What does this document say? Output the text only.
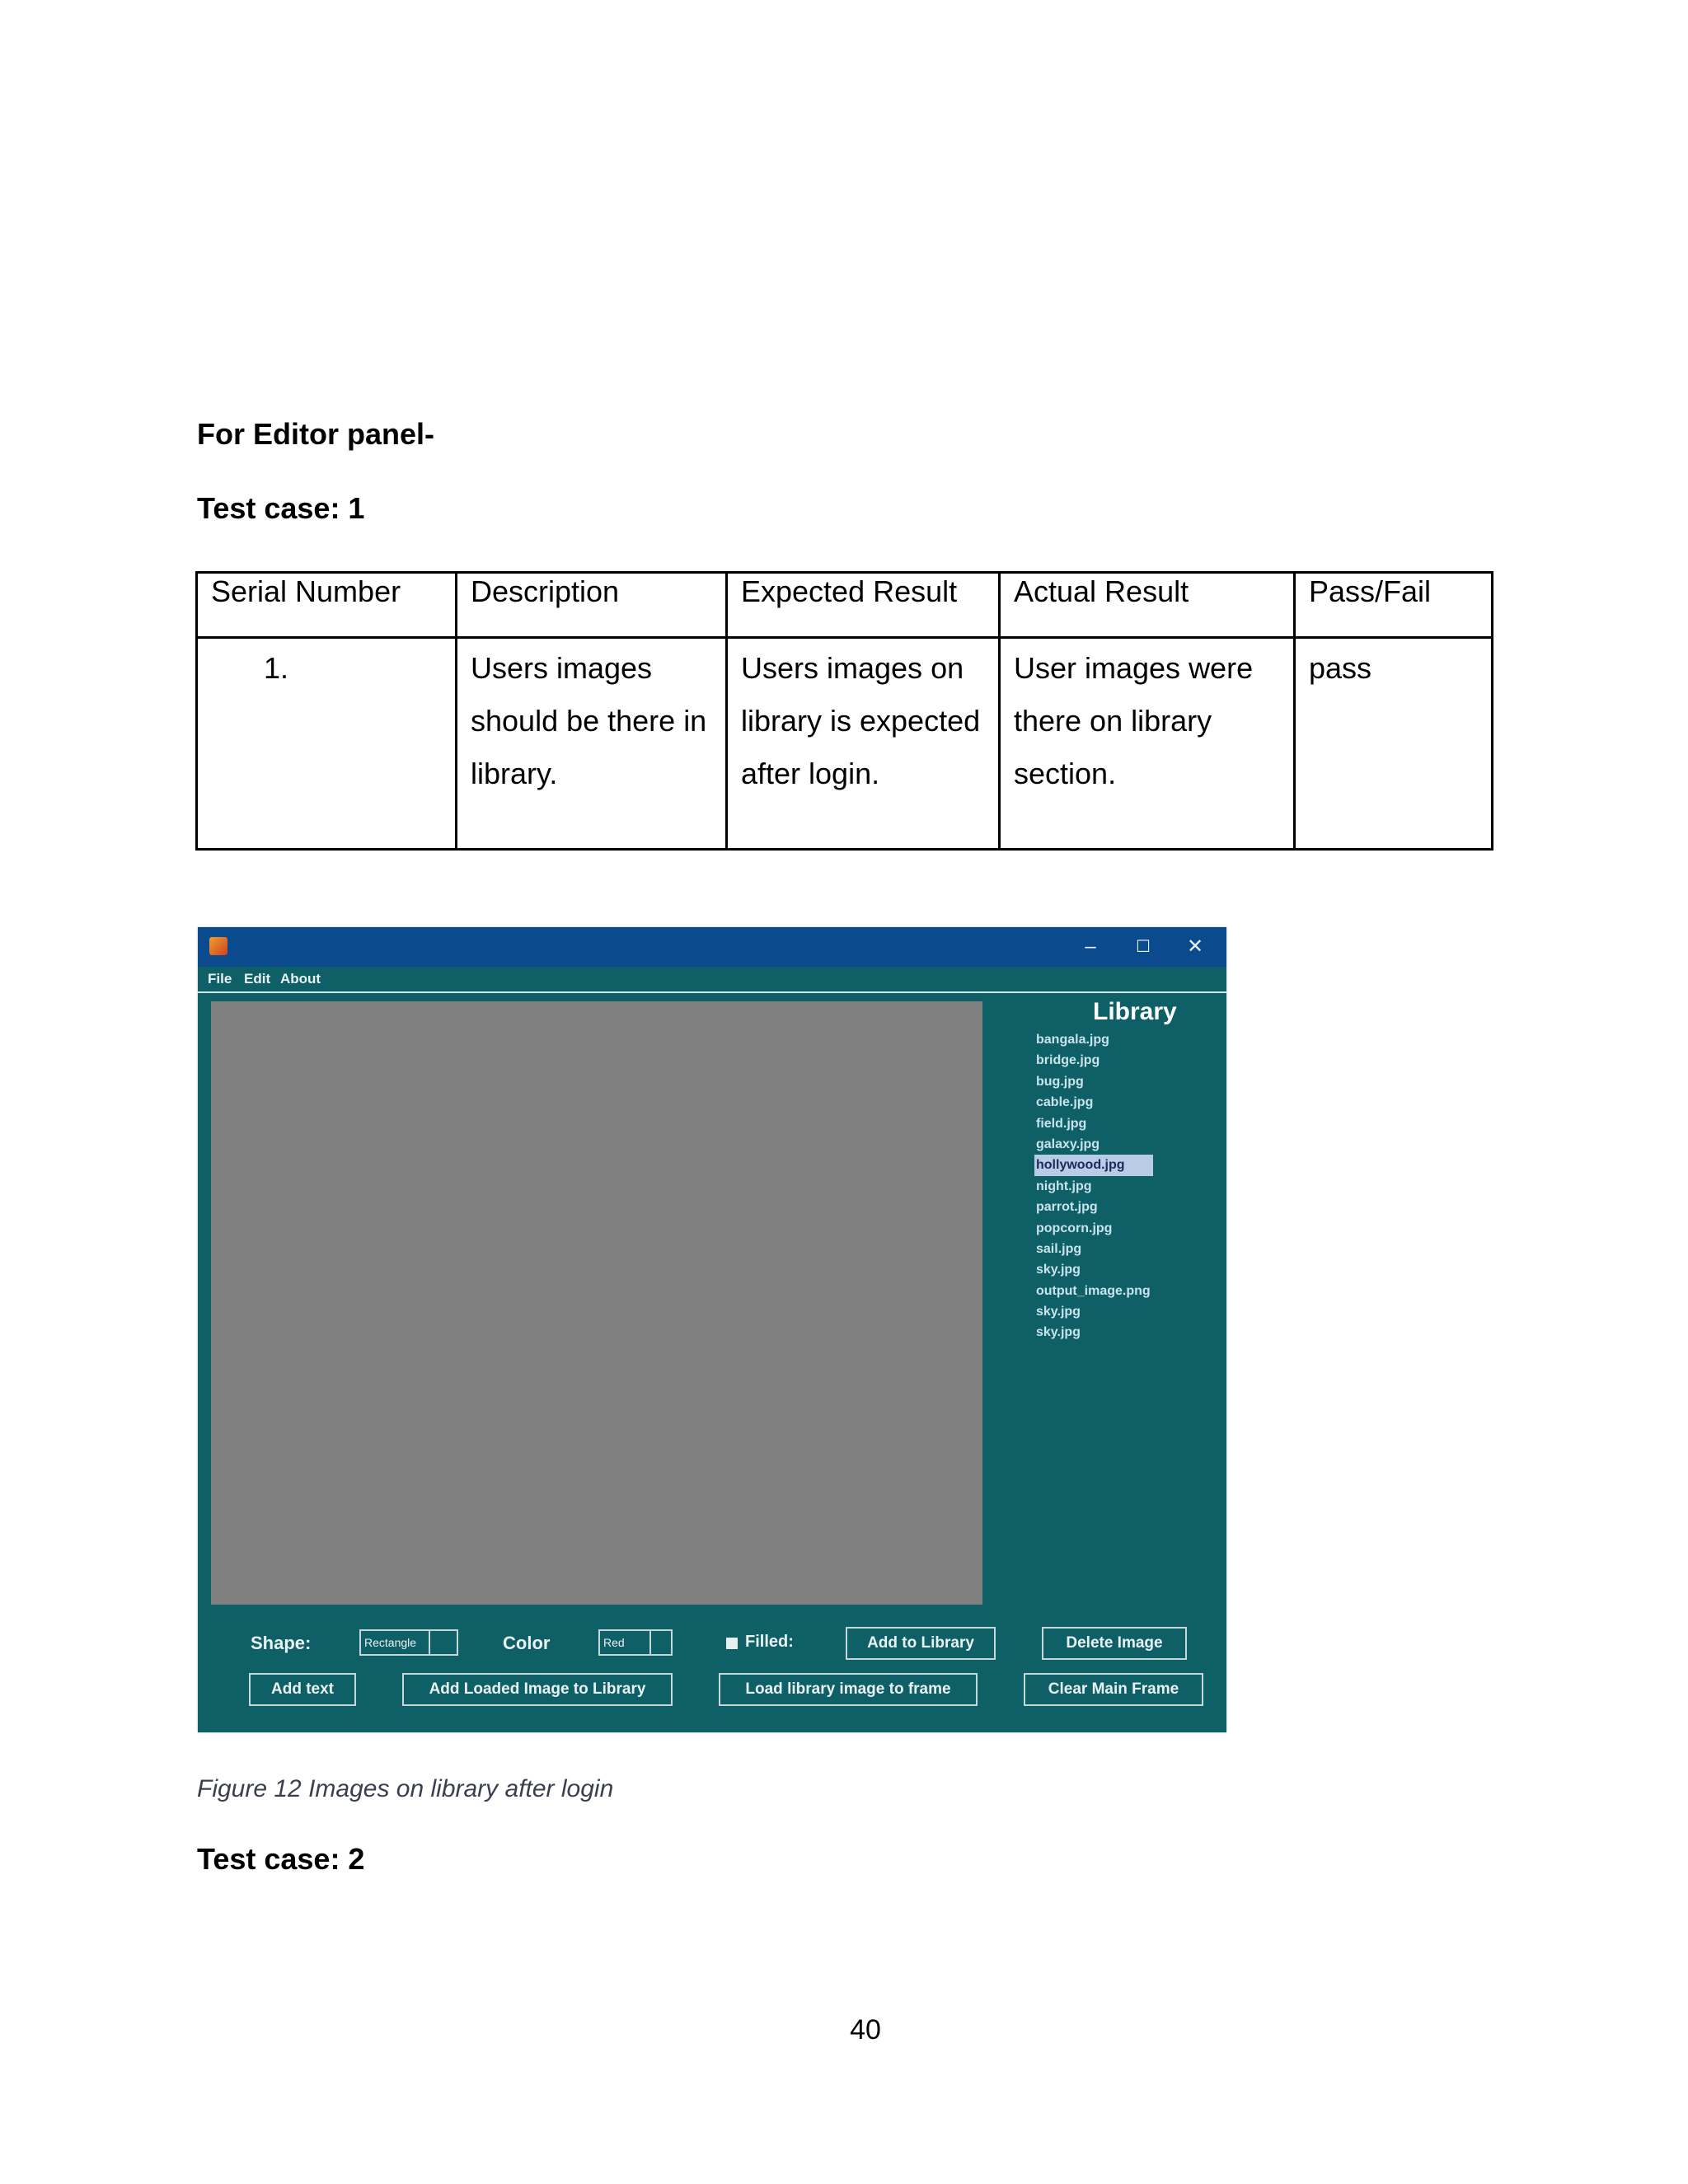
For Editor panel-
Test case: 1
Serial Number	Description	Expected Result	Actual Result	Pass/Fail
1.	Users images should be there in library.	Users images on library is expected after login.	User images were there on library section.	pass
–	☐	✕
File Edit About
Library
bangala.jpg
bridge.jpg
bug.jpg
cable.jpg
field.jpg
galaxy.jpg
hollywood.jpg
night.jpg
parrot.jpg
popcorn.jpg
sail.jpg
sky.jpg
output_image.png
sky.jpg
sky.jpg
Shape:	Rectangle	Color	Red	Filled:	Add to Library	Delete Image
Add text	Add Loaded Image to Library	Load library image to frame	Clear Main Frame
Figure 12 Images on library after login
Test case: 2
40
